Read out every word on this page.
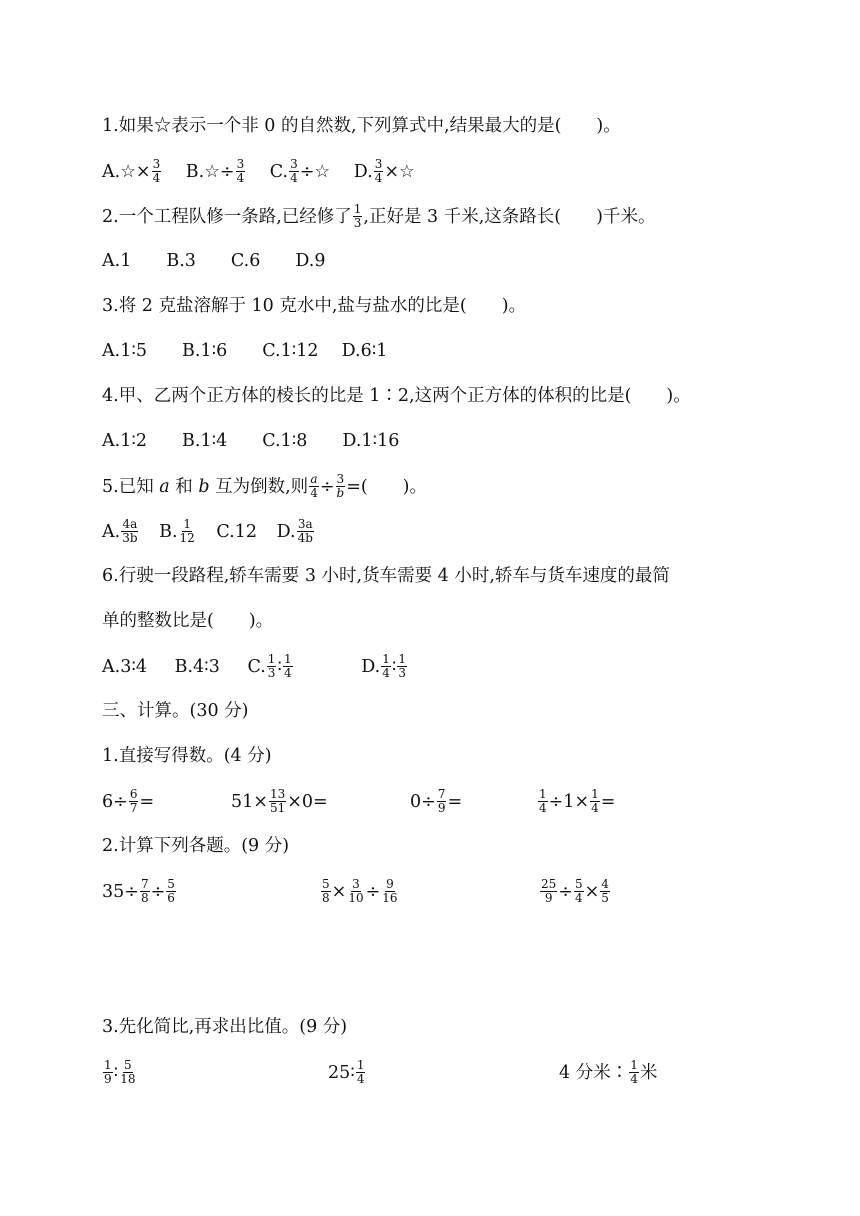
1.如果☆表示一个非 0 的自然数,下列算式中,结果最大的是(　　)。
A.☆× $\frac{3}{4}$ B.☆÷ $\frac{3}{4} C$. $\frac{3}{4}$ ÷☆ D. $\frac{3}{4}$ ×☆
2.一个工程队修一条路,已经修了 $\frac{1}{3}$ ,正好是 3 千米,这条路长(　　)千米。
A.1　　B.3　　C.6　　D.9
3.将 2 克盐溶解于 10 克水中,盐与盐水的比是(　　)。
A.1∶5　　B.1∶6　　C.1∶12　 D.6∶1
4.甲、乙两个正方体的棱长的比是 1∶2,这两个正方体的体积的比是(　　)。
A.1∶2　　B.1∶4　　C.1∶8　　D.1∶16
5.已知 a 和 b 互为倒数,则 $\frac{a}{4} \div \frac{3}{b}$ =(　　)。
A. $\frac{4a}{3b} B$. $\frac{1}{12} C.12$ D. $\frac{3a}{4b}$
6.行驶一段路程,轿车需要 3 小时,货车需要 4 小时,轿车与货车速度的最简
单的整数比是(　　)。
A.3∶4 B.4∶3 C. $\frac{1}{3}$ ∶ $\frac{1}{4}$	D. $\frac{1}{4}$ ∶ $\frac{1}{3}$
三、计算。(30 分)
1.直接写得数。(4 分)
$6\div \frac{6}{7}$ =	$51\times \frac{13}{51} \times 0=$	$0\div \frac{7}{9}$ =	$\frac{1}{4} \div 1\times \frac{1}{4}$ =
2.计算下列各题。(9 分)
$35\div \frac{7}{8} \div \frac{5}{6}$	$\frac{5}{8} \times \frac{3}{10} \div \frac{9}{16}$	$\frac{25}{9} \div \frac{5}{4} \times \frac{4}{5}$
3.先化简比,再求出比值。(9 分)
$\frac{1}{9}$ ∶ $\frac{5}{18}$	25∶ $\frac{1}{4}$	4 分米∶ $\frac{1}{4}$ 米
